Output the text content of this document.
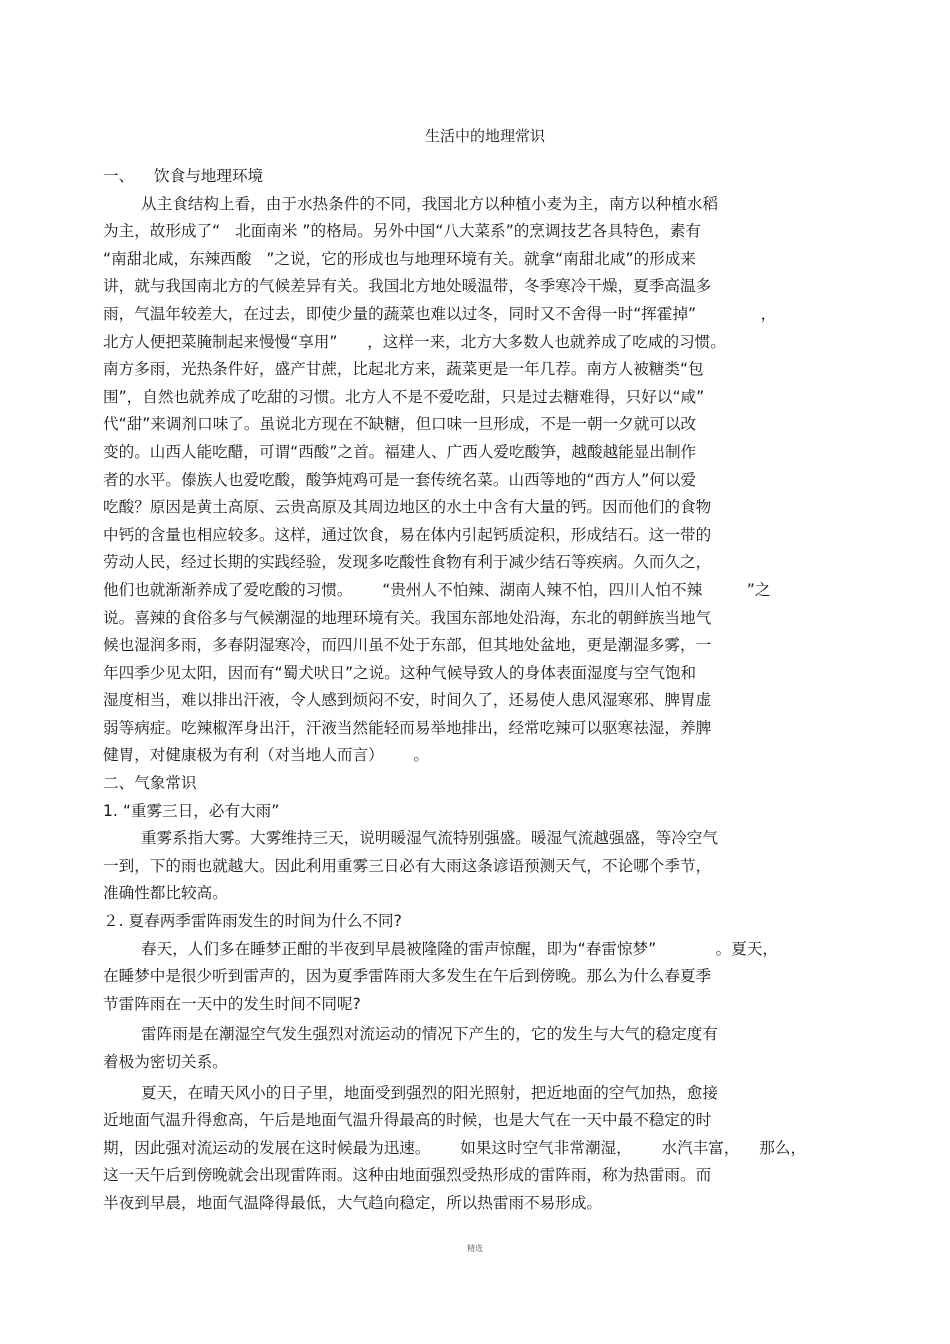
生活中的地理常识
一、    饮食与地理环境
从主食结构上看，由于水热条件的不同，我国北方以种植小麦为主，南方以种植水稻
为主，故形成了“   北面南米 ”的格局。另外中国“八大菜系”的烹调技艺各具特色，素有
“南甜北咸，东辣西酸   ”之说，它的形成也与地理环境有关。就拿“南甜北咸”的形成来
讲，就与我国南北方的气候差异有关。我国北方地处暖温带，冬季寒冷干燥，夏季高温多
雨，气温年较差大，在过去，即使少量的蔬菜也难以过冬，同时又不舍得一时“挥霍掉”             ，
北方人便把菜腌制起来慢慢“享用”      ，这样一来，北方大多数人也就养成了吃咸的习惯。
南方多雨，光热条件好，盛产甘蔗，比起北方来，蔬菜更是一年几荐。南方人被糖类“包
围”，自然也就养成了吃甜的习惯。北方人不是不爱吃甜，只是过去糖难得，只好以“咸”
代“甜”来调剂口味了。虽说北方现在不缺糖，但口味一旦形成，不是一朝一夕就可以改
变的。山西人能吃醋，可谓“西酸”之首。福建人、广西人爱吃酸笋，越酸越能显出制作
者的水平。傣族人也爱吃酸，酸笋炖鸡可是一套传统名菜。山西等地的“西方人”何以爱
吃酸？原因是黄土高原、云贵高原及其周边地区的水土中含有大量的钙。因而他们的食物
中钙的含量也相应较多。这样，通过饮食，易在体内引起钙质淀积，形成结石。这一带的
劳动人民，经过长期的实践经验，发现多吃酸性食物有利于减少结石等疾病。久而久之，
他们也就渐渐养成了爱吃酸的习惯。      “贵州人不怕辣、湖南人辣不怕，四川人怕不辣         ”之
说。喜辣的食俗多与气候潮湿的地理环境有关。我国东部地处沿海，东北的朝鲜族当地气
候也湿润多雨，多春阴湿寒冷，而四川虽不处于东部，但其地处盆地，更是潮湿多雾，一
年四季少见太阳，因而有“蜀犬吠日”之说。这种气候导致人的身体表面湿度与空气饱和
湿度相当，难以排出汗液，令人感到烦闷不安，时间久了，还易使人患风湿寒邪、脾胃虚
弱等病症。吃辣椒浑身出汗，汗液当然能轻而易举地排出，经常吃辣可以驱寒祛湿，养脾
健胃，对健康极为有利（对当地人而言）      。
二、气象常识
1. “重雾三日，必有大雨”
重雾系指大雾。大雾维持三天，说明暖湿气流特别强盛。暖湿气流越强盛，等冷空气
一到，下的雨也就越大。因此利用重雾三日必有大雨这条谚语预测天气，不论哪个季节，
准确性都比较高。
２. 夏春两季雷阵雨发生的时间为什么不同?
春天，人们多在睡梦正酣的半夜到早晨被隆隆的雷声惊醒，即为“春雷惊梦”            。夏天，
在睡梦中是很少听到雷声的，因为夏季雷阵雨大多发生在午后到傍晚。那么为什么春夏季
节雷阵雨在一天中的发生时间不同呢?
雷阵雨是在潮湿空气发生强烈对流运动的情况下产生的，它的发生与大气的稳定度有
着极为密切关系。
夏天，在晴天风小的日子里，地面受到强烈的阳光照射，把近地面的空气加热，愈接
近地面气温升得愈高，午后是地面气温升得最高的时候，也是大气在一天中最不稳定的时
期，因此强对流运动的发展在这时候最为迅速。      如果这时空气非常潮湿，      水汽丰富，    那么，
这一天午后到傍晚就会出现雷阵雨。这种由地面强烈受热形成的雷阵雨，称为热雷雨。而
半夜到早晨，地面气温降得最低，大气趋向稳定，所以热雷雨不易形成。
精选
